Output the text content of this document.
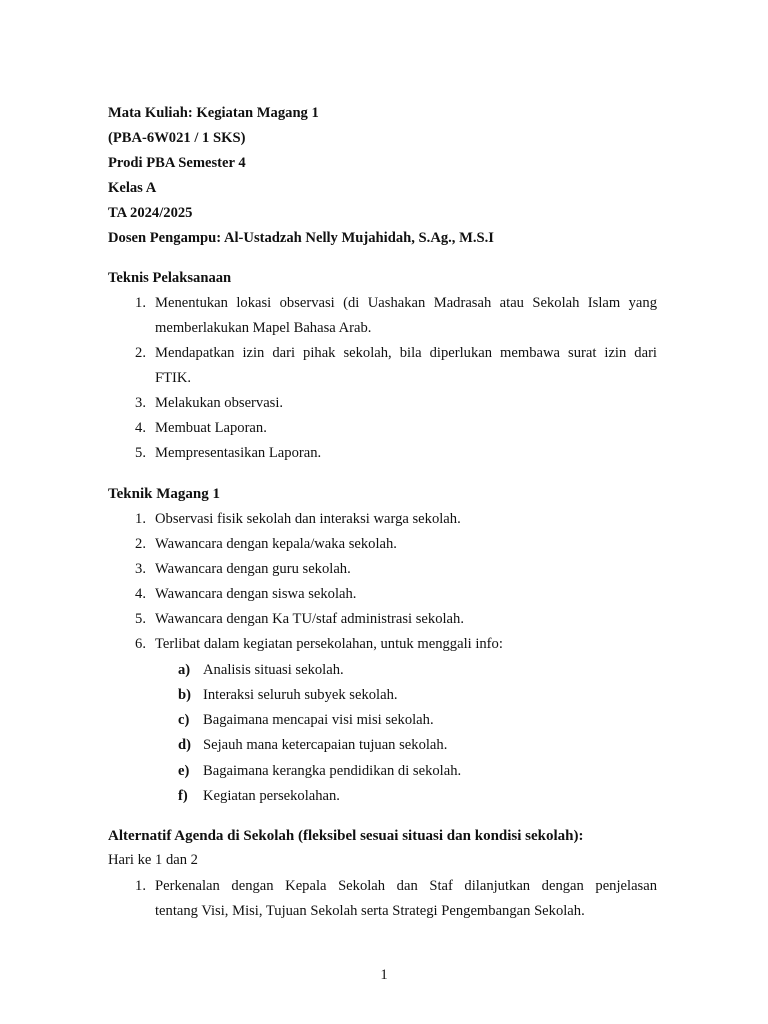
Mata Kuliah: Kegiatan Magang 1
(PBA-6W021 / 1 SKS)
Prodi PBA Semester 4
Kelas A
TA 2024/2025
Dosen Pengampu: Al-Ustadzah Nelly Mujahidah, S.Ag., M.S.I
Teknis Pelaksanaan
1. Menentukan lokasi observasi (di Uashakan Madrasah atau Sekolah Islam yang
memberlakukan Mapel Bahasa Arab.
2. Mendapatkan izin dari pihak sekolah, bila diperlukan membawa surat izin dari
FTIK.
3. Melakukan observasi.
4. Membuat Laporan.
5. Mempresentasikan Laporan.
Teknik Magang 1
1. Observasi fisik sekolah dan interaksi warga sekolah.
2. Wawancara dengan kepala/waka sekolah.
3. Wawancara dengan guru sekolah.
4. Wawancara dengan siswa sekolah.
5. Wawancara dengan Ka TU/staf administrasi sekolah.
6. Terlibat dalam kegiatan persekolahan, untuk menggali info:
a) Analisis situasi sekolah.
b) Interaksi seluruh subyek sekolah.
c) Bagaimana mencapai visi misi sekolah.
d) Sejauh mana ketercapaian tujuan sekolah.
e) Bagaimana kerangka pendidikan di sekolah.
f) Kegiatan persekolahan.
Alternatif Agenda di Sekolah (fleksibel sesuai situasi dan kondisi sekolah):
Hari ke 1 dan 2
1. Perkenalan dengan Kepala Sekolah dan Staf dilanjutkan dengan penjelasan
tentang Visi, Misi, Tujuan Sekolah serta Strategi Pengembangan Sekolah.
1
